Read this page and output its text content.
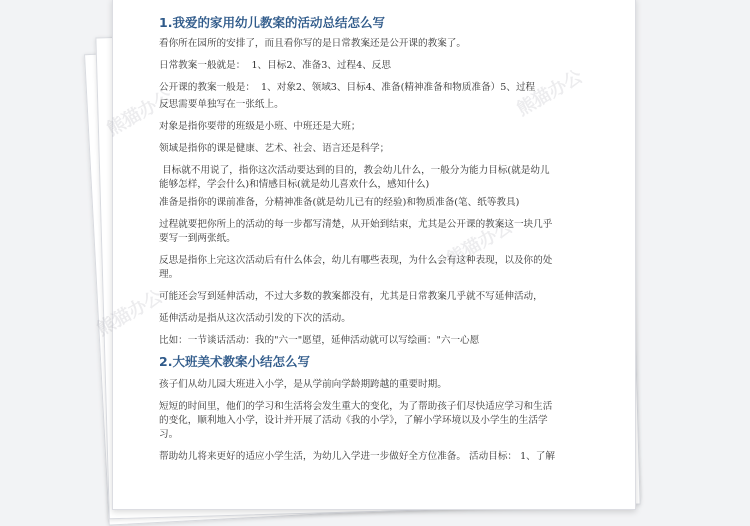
熊猫办公
熊猫办公
熊猫办公
熊猫办公
1.我爱的家用幼儿教案的活动总结怎么写

看你所在园所的安排了，而且看你写的是日常教案还是公开课的教案了。

日常教案一般就是：  1、目标2、准备3、过程4、反思

公开课的教案一般是：  1、对象2、领域3、目标4、准备(精神准备和物质准备）5、过程

反思需要单独写在一张纸上。

对象是指你要带的班级是小班、中班还是大班；

领域是指你的课是健康、艺术、社会、语言还是科学；

目标就不用说了，指你这次活动要达到的目的，教会幼儿什么，一般分为能力目标(就是幼儿
能够怎样，学会什么)和情感目标(就是幼儿喜欢什么，感知什么)

准备是指你的课前准备，分精神准备(就是幼儿已有的经验)和物质准备(笔、纸等教具)

过程就要把你所上的活动的每一步都写清楚，从开始到结束，尤其是公开课的教案这一块几乎
要写一到两张纸。

反思是指你上完这次活动后有什么体会，幼儿有哪些表现，为什么会有这种表现，以及你的处
理。

可能还会写到延伸活动，不过大多数的教案都没有，尤其是日常教案几乎就不写延伸活动，

延伸活动是指从这次活动引发的下次的活动。

比如：一节谈话活动：我的"六一"愿望，延伸活动就可以写绘画："六一心愿

2.大班美术教案小结怎么写

孩子们从幼儿园大班进入小学，是从学前向学龄期跨越的重要时期。

短短的时间里，他们的学习和生活将会发生重大的变化，为了帮助孩子们尽快适应学习和生活
的变化，顺利地入小学，设计并开展了活动《我的小学》，了解小学环境以及小学生的生活学
习。

帮助幼儿将来更好的适应小学生活，为幼儿入学进一步做好全方位准备。 活动目标： 1、了解
